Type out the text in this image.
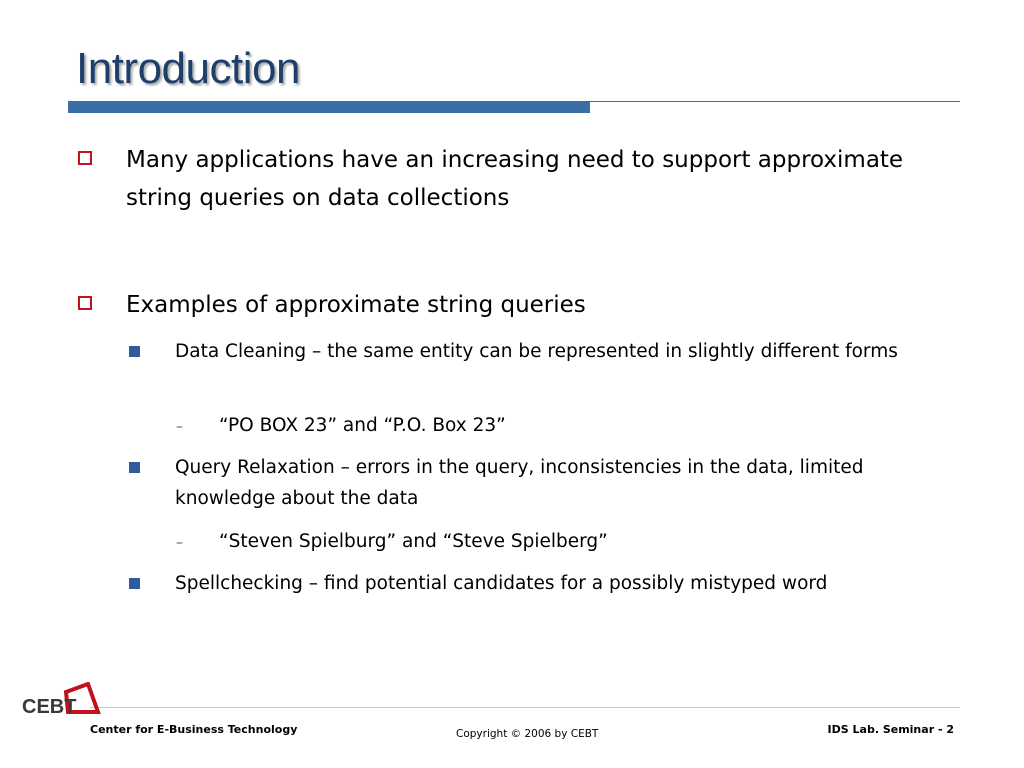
Introduction
Many applications have an increasing need to support approximate string queries on data collections
Examples of approximate string queries
Data Cleaning – the same entity can be represented in slightly different forms
– “PO BOX 23” and “P.O. Box 23”
Query Relaxation – errors in the query, inconsistencies in the data, limited knowledge about the data
– “Steven Spielburg” and “Steve Spielberg”
Spellchecking – find potential candidates for a possibly mistyped word
CEBT
Center for E-Business Technology	Copyright © 2006 by CEBT	IDS Lab. Seminar - 2
